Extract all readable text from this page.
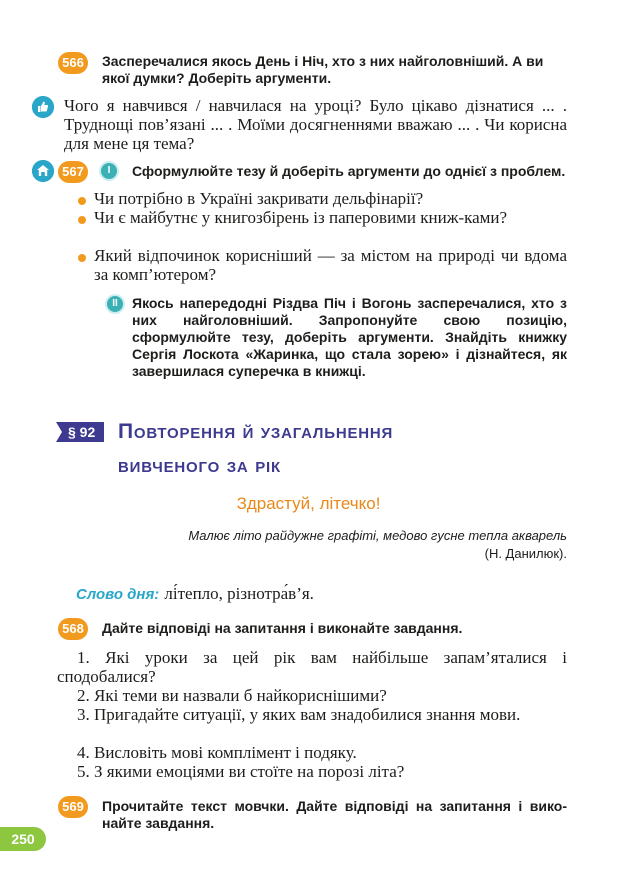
566 Засперечалися якось День і Ніч, хто з них найголовніший. А ви якої думки? Доберіть аргументи.
Чого я навчився / навчилася на уроці? Було цікаво дізнатися ... . Труднощі пов’язані ... . Моїми досягненнями вважаю ... . Чи корисна для мене ця тема?
567	I	Сформулюйте тезу й доберіть аргументи до однієї з проблем.
Чи потрібно в Україні закривати дельфінарії?
Чи є майбутнє у книгозбірень із паперовими книж-ками?
Який відпочинок корисніший — за містом на природі чи вдома за комп’ютером?
II	Якось напередодні Різдва Піч і Вогонь засперечалися, хто з них найголовніший. Запропонуйте свою позицію, сформулюйте тезу, доберіть аргументи. Знайдіть книжку Сергія Лоскота «Жаринка, що стала зорею» і дізнайтеся, як завершилася суперечка в книжці.
§ 92 Повторення й узагальнення
вивченого за рік
Здрастуй, літечко!
Малює літо райдужне графіті, медово гусне тепла акварель
(Н. Данилюк).
Слово дня: лі́тепло, різнотра́в’я.
568 Дайте відповіді на запитання і виконайте завдання.
1. Які уроки за цей рік вам найбільше запам’яталися і сподобалися?
2. Які теми ви назвали б найкориснішими?
3. Пригадайте ситуації, у яких вам знадобилися знання мови.
4. Висловіть мові комплімент і подяку.
5. З якими емоціями ви стоїте на порозі літа?
569 Прочитайте текст мовчки. Дайте відповіді на запитання і вико-найте завдання.
250
